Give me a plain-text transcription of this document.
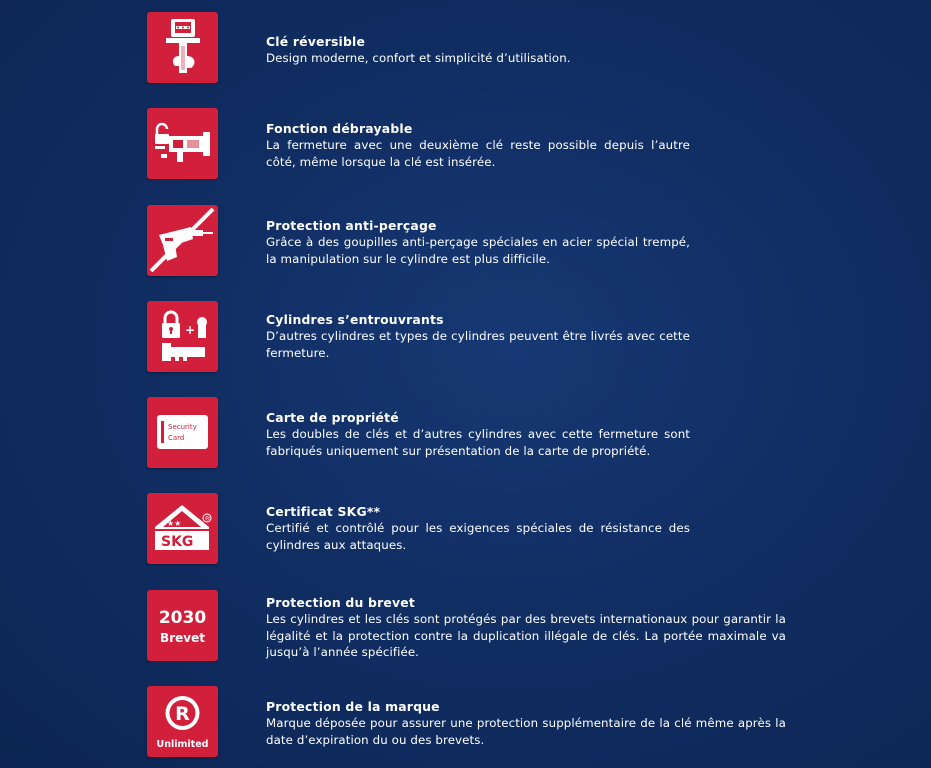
Clé réversible
Design moderne, confort et simplicité d’utilisation.
Fonction débrayable
La fermeture avec une deuxième clé reste possible depuis l’autre côté, même lorsque la clé est insérée.
Protection anti-perçage
Grâce à des goupilles anti-perçage spéciales en acier spécial trempé, la manipulation sur le cylindre est plus difficile.
+
Cylindres s’entrouvrants
D’autres cylindres et types de cylindres peuvent être livrés avec cette fermeture.
Security
Card
Carte de propriété
Les doubles de clés et d’autres cylindres avec cette fermeture sont fabriqués uniquement sur présentation de la carte de propriété.
★★
SKG
®	Certificat SKG**
Certifié et contrôlé pour les exigences spéciales de résistance des cylindres aux attaques.
2030
Brevet
Protection du brevet
Les cylindres et les clés sont protégés par des brevets internationaux pour garantir la légalité et la protection contre la duplication illégale de clés. La portée maximale va jusqu’à l’année spécifiée.
R
Unlimited
Protection de la marque
Marque déposée pour assurer une protection supplémentaire de la clé même après la date d’expiration du ou des brevets.
